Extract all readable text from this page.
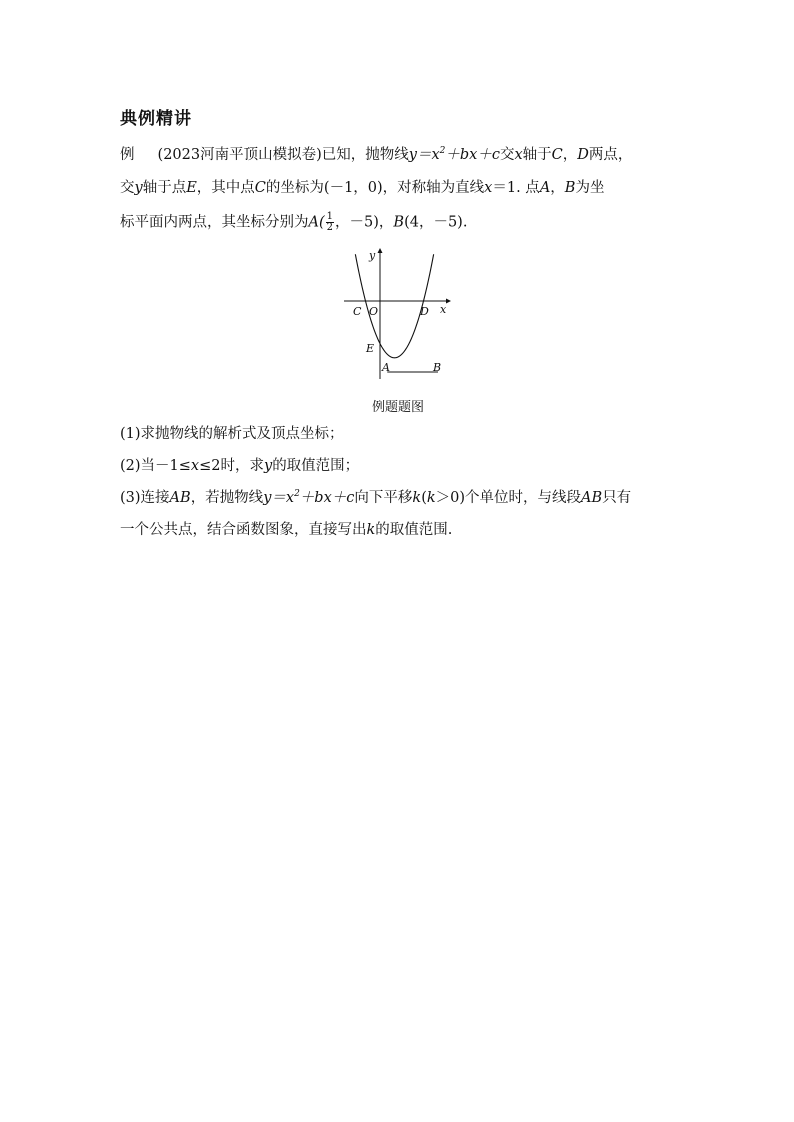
典例精讲
例 (2023河南平顶山模拟卷)已知，抛物线$y=x^2+bx+c$交x轴于C，D两点，
交y轴于点E，其中点C的坐标为(－1，0)，对称轴为直线x＝1. 点A，B为坐
标平面内两点，其坐标分别为$A( \frac{1}{2}$ ，－5)，B(4，－5).
y
x
C O	D
E
A	B
例题题图
(1)求抛物线的解析式及顶点坐标；
(2)当－1≤x≤2时，求y的取值范围；
(3)连接AB，若抛物线$y=x^2+bx+c$向下平移k(k＞0)个单位时，与线段AB只有
一个公共点，结合函数图象，直接写出k的取值范围.
